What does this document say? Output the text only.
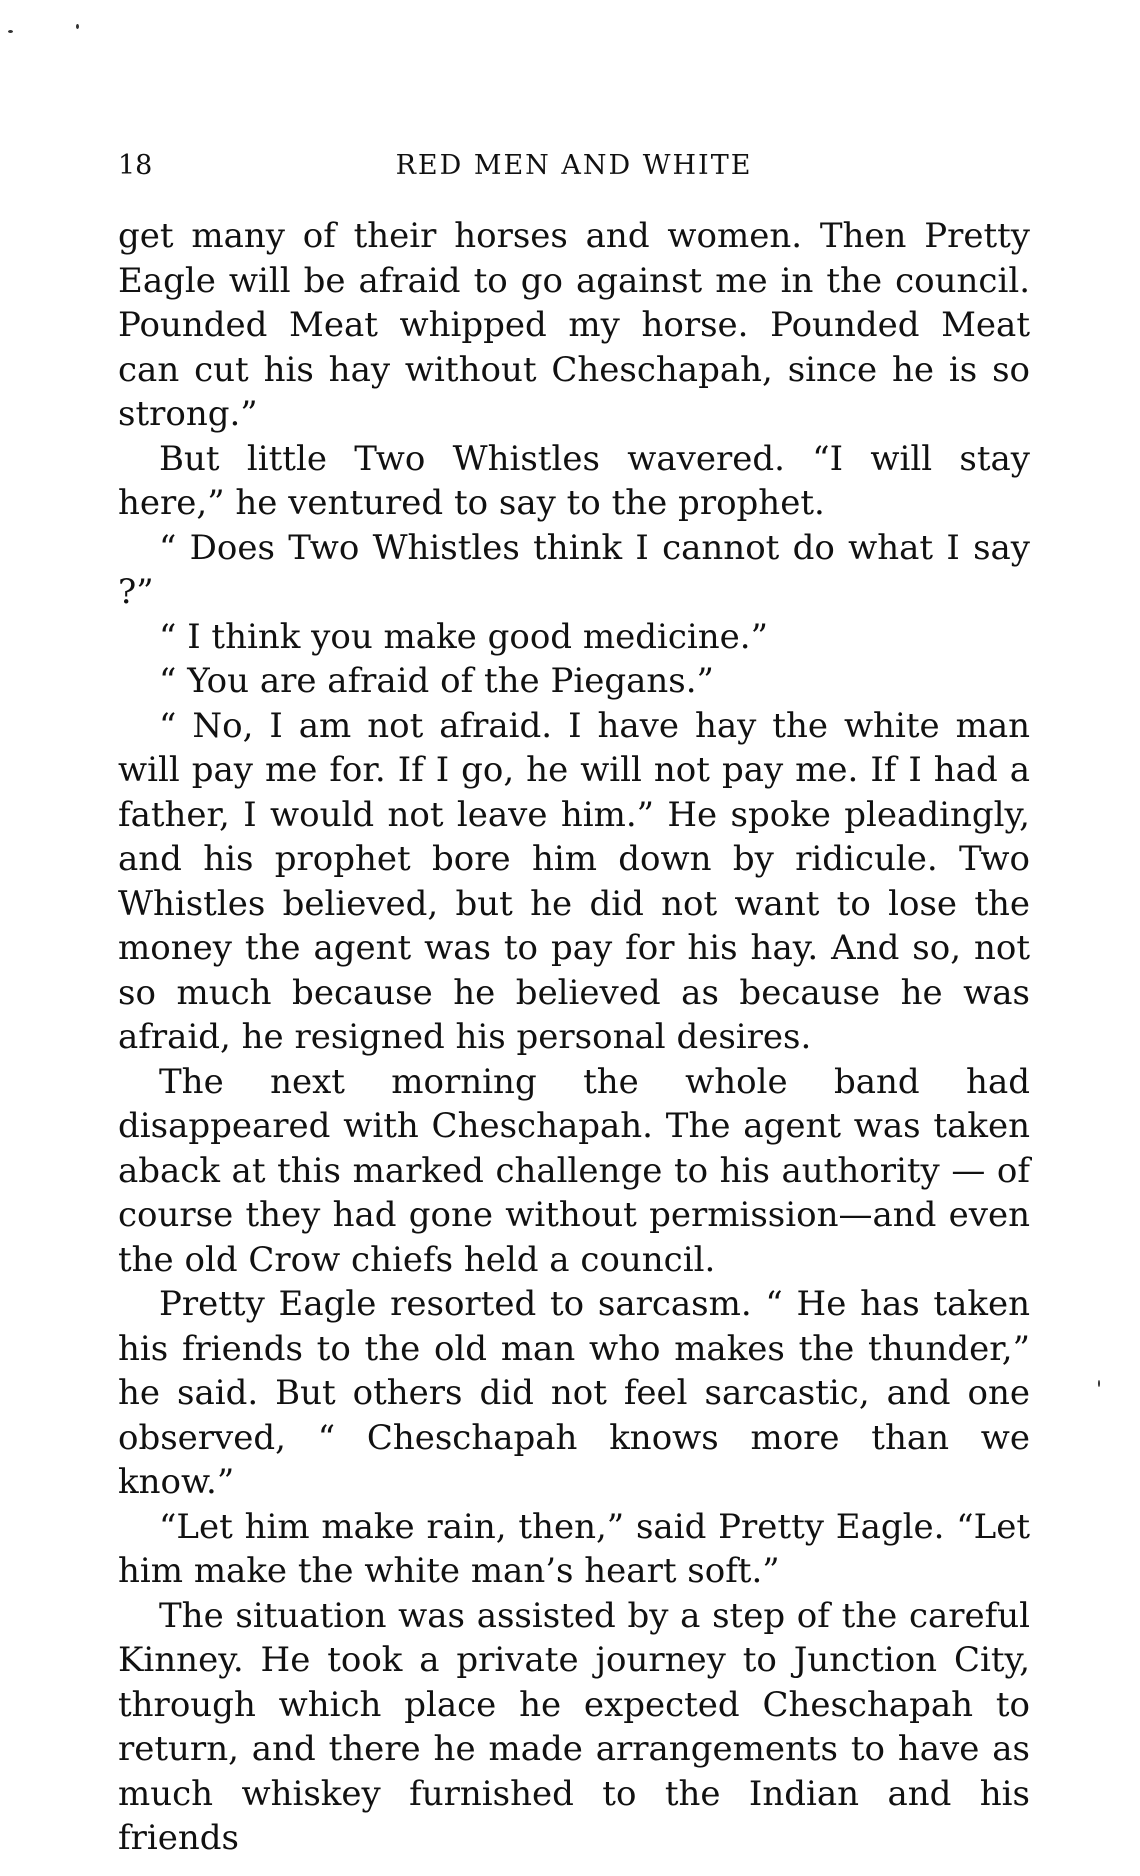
18	RED MEN AND WHITE

get many of their horses and women. Then Pretty Eagle will be afraid to go against me in the council. Pounded Meat whipped my horse. Pounded Meat can cut his hay without Cheschapah, since he is so strong.”

But little Two Whistles wavered. “I will stay here,” he ventured to say to the prophet.

“ Does Two Whistles think I cannot do what I say ?”

“ I think you make good medicine.”

“ You are afraid of the Piegans.”

“ No, I am not afraid. I have hay the white man will pay me for. If I go, he will not pay me. If I had a father, I would not leave him.” He spoke pleadingly, and his prophet bore him down by ridicule. Two Whistles believed, but he did not want to lose the money the agent was to pay for his hay. And so, not so much because he believed as because he was afraid, he resigned his personal desires.

The next morning the whole band had disappeared with Cheschapah. The agent was taken aback at this marked challenge to his authority — of course they had gone without permission—and even the old Crow chiefs held a council.

Pretty Eagle resorted to sarcasm. “ He has taken his friends to the old man who makes the thunder,” he said. But others did not feel sarcastic, and one observed, “ Cheschapah knows more than we know.”

“Let him make rain, then,” said Pretty Eagle. “Let him make the white man’s heart soft.”

The situation was assisted by a step of the careful Kinney. He took a private journey to Junction City, through which place he expected Cheschapah to return, and there he made arrangements to have as much whiskey furnished to the Indian and his friends
